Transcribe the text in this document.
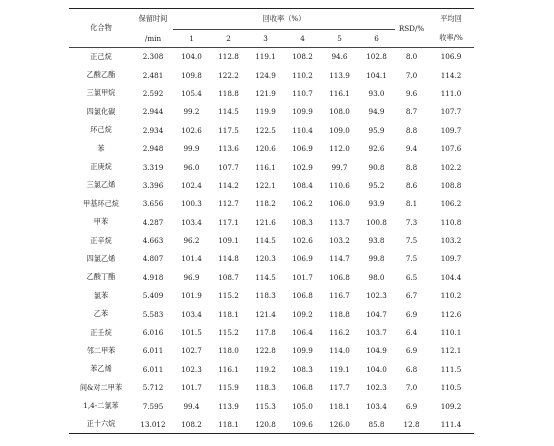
化合物	保留时间	回收率（%）						RSD/%	平均回
	/min	1	2	3	4	5	6		收率/%
正己烷	2.308	104.0	112.8	119.1	108.2	94.6	102.8	8.0	106.9
乙酸乙酯	2.481	109.8	122.2	124.9	110.2	113.9	104.1	7.0	114.2
三氯甲烷	2.592	105.4	118.8	121.9	110.7	116.1	93.0	9.6	111.0
四氯化碳	2.944	99.2	114.5	119.9	109.9	108.0	94.9	8.7	107.7
环己烷	2.934	102.6	117.5	122.5	110.4	109.0	95.9	8.8	109.7
苯	2.948	99.9	113.6	120.6	106.9	112.0	92.6	9.4	107.6
正庚烷	3.319	96.0	107.7	116.1	102.9	99.7	90.8	8.8	102.2
三氯乙烯	3.396	102.4	114.2	122.1	108.4	110.6	95.2	8.6	108.8
甲基环己烷	3.656	100.3	112.7	118.2	106.2	106.0	93.9	8.1	106.2
甲苯	4.287	103.4	117.1	121.6	108.3	113.7	100.8	7.3	110.8
正辛烷	4.663	96.2	109.1	114.5	102.6	103.2	93.8	7.5	103.2
四氯乙烯	4.807	101.4	114.8	120.3	106.9	114.7	99.8	7.5	109.7
乙酸丁酯	4.918	96.9	108.7	114.5	101.7	106.8	98.0	6.5	104.4
氯苯	5.409	101.9	115.2	118.3	106.8	116.7	102.3	6.7	110.2
乙苯	5.583	103.4	118.1	121.4	109.2	118.8	104.7	6.9	112.6
正壬烷	6.016	101.5	115.2	117.8	106.4	116.2	103.7	6.4	110.1
邻二甲苯	6.011	102.7	118.0	122.8	109.9	114.0	104.9	6.9	112.1
苯乙烯	6.011	102.3	116.1	119.2	108.3	119.1	104.0	6.8	111.5
间&对二甲苯	5.712	101.7	115.9	118.3	106.8	117.7	102.3	7.0	110.5
1,4-二氯苯	7.595	99.4	113.9	115.3	105.0	118.1	103.4	6.9	109.2
正十六烷	13.012	108.2	118.1	120.8	109.6	126.0	85.8	12.8	111.4
